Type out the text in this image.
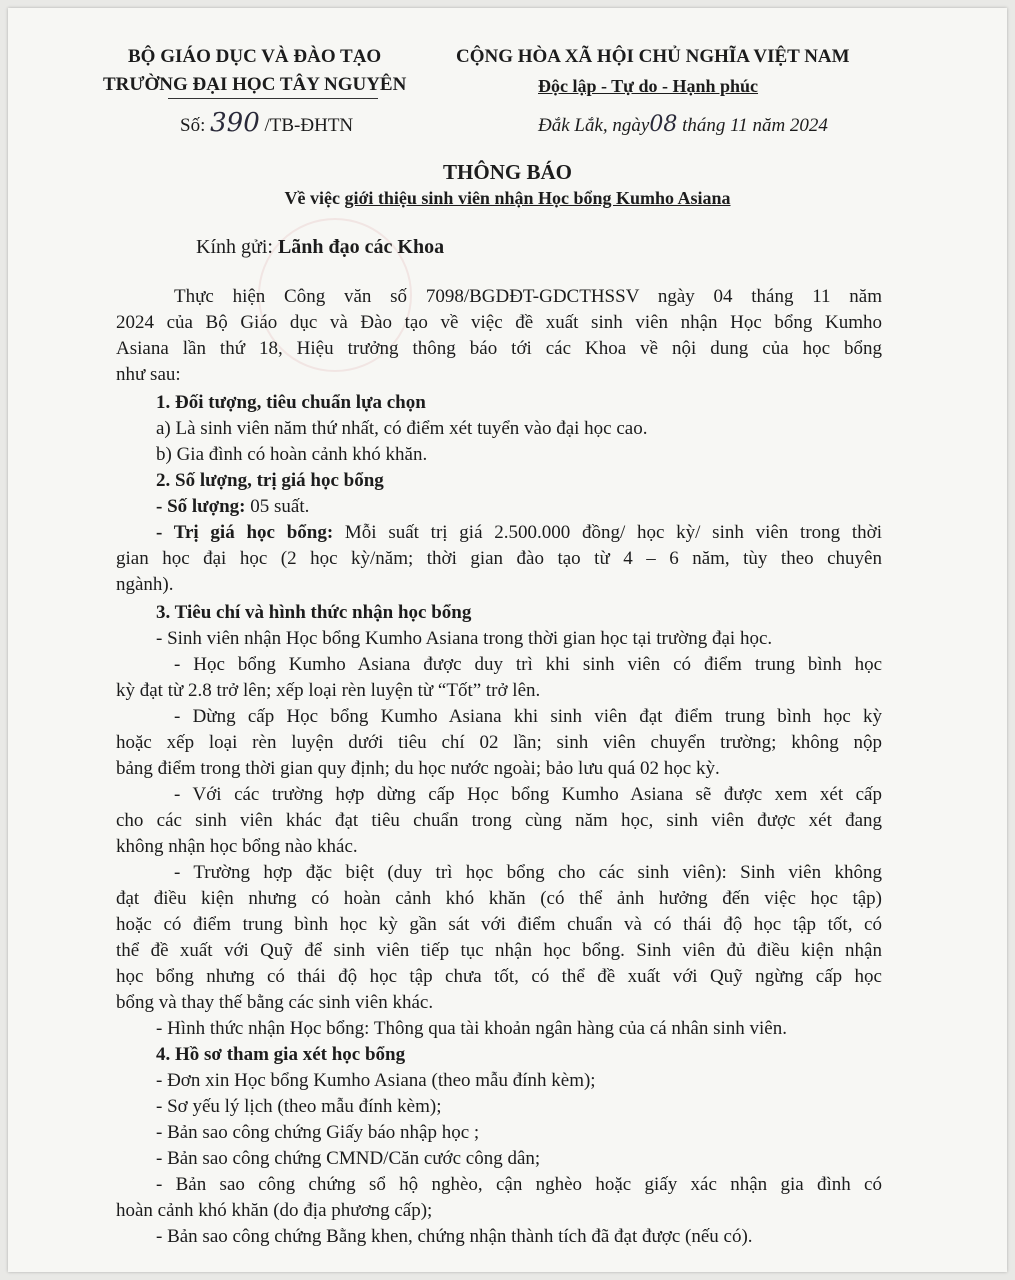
BỘ GIÁO DỤC VÀ ĐÀO TẠO
TRƯỜNG ĐẠI HỌC TÂY NGUYÊN
Số: 390 /TB-ĐHTN
CỘNG HÒA XÃ HỘI CHỦ NGHĨA VIỆT NAM
Độc lập - Tự do - Hạnh phúc
Đắk Lắk, ngày08 tháng 11 năm 2024
THÔNG BÁO
Về việc giới thiệu sinh viên nhận Học bổng Kumho Asiana
Kính gửi: Lãnh đạo các Khoa
Thực hiện Công văn số 7098/BGDĐT-GDCTHSSV ngày 04 tháng 11 năm
2024 của Bộ Giáo dục và Đào tạo về việc đề xuất sinh viên nhận Học bổng Kumho
Asiana lần thứ 18, Hiệu trưởng thông báo tới các Khoa về nội dung của học bổng
như sau:
1. Đối tượng, tiêu chuẩn lựa chọn
a) Là sinh viên năm thứ nhất, có điểm xét tuyển vào đại học cao.
b) Gia đình có hoàn cảnh khó khăn.
2. Số lượng, trị giá học bổng
- Số lượng: 05 suất.
- Trị giá học bổng: Mỗi suất trị giá 2.500.000 đồng/ học kỳ/ sinh viên trong thời
gian học đại học (2 học kỳ/năm; thời gian đào tạo từ 4 – 6 năm, tùy theo chuyên
ngành).
3. Tiêu chí và hình thức nhận học bổng
- Sinh viên nhận Học bổng Kumho Asiana trong thời gian học tại trường đại học.
- Học bổng Kumho Asiana được duy trì khi sinh viên có điểm trung bình học
kỳ đạt từ 2.8 trở lên; xếp loại rèn luyện từ “Tốt” trở lên.
- Dừng cấp Học bổng Kumho Asiana khi sinh viên đạt điểm trung bình học kỳ
hoặc xếp loại rèn luyện dưới tiêu chí 02 lần; sinh viên chuyển trường; không nộp
bảng điểm trong thời gian quy định; du học nước ngoài; bảo lưu quá 02 học kỳ.
- Với các trường hợp dừng cấp Học bổng Kumho Asiana sẽ được xem xét cấp
cho các sinh viên khác đạt tiêu chuẩn trong cùng năm học, sinh viên được xét đang
không nhận học bổng nào khác.
- Trường hợp đặc biệt (duy trì học bổng cho các sinh viên): Sinh viên không
đạt điều kiện nhưng có hoàn cảnh khó khăn (có thể ảnh hưởng đến việc học tập)
hoặc có điểm trung bình học kỳ gần sát với điểm chuẩn và có thái độ học tập tốt, có
thể đề xuất với Quỹ để sinh viên tiếp tục nhận học bổng. Sinh viên đủ điều kiện nhận
học bổng nhưng có thái độ học tập chưa tốt, có thể đề xuất với Quỹ ngừng cấp học
bổng và thay thế bằng các sinh viên khác.
- Hình thức nhận Học bổng: Thông qua tài khoản ngân hàng của cá nhân sinh viên.
4. Hồ sơ tham gia xét học bổng
- Đơn xin Học bổng Kumho Asiana (theo mẫu đính kèm);
- Sơ yếu lý lịch (theo mẫu đính kèm);
- Bản sao công chứng Giấy báo nhập học ;
- Bản sao công chứng CMND/Căn cước công dân;
- Bản sao công chứng sổ hộ nghèo, cận nghèo hoặc giấy xác nhận gia đình có
hoàn cảnh khó khăn (do địa phương cấp);
- Bản sao công chứng Bằng khen, chứng nhận thành tích đã đạt được (nếu có).
